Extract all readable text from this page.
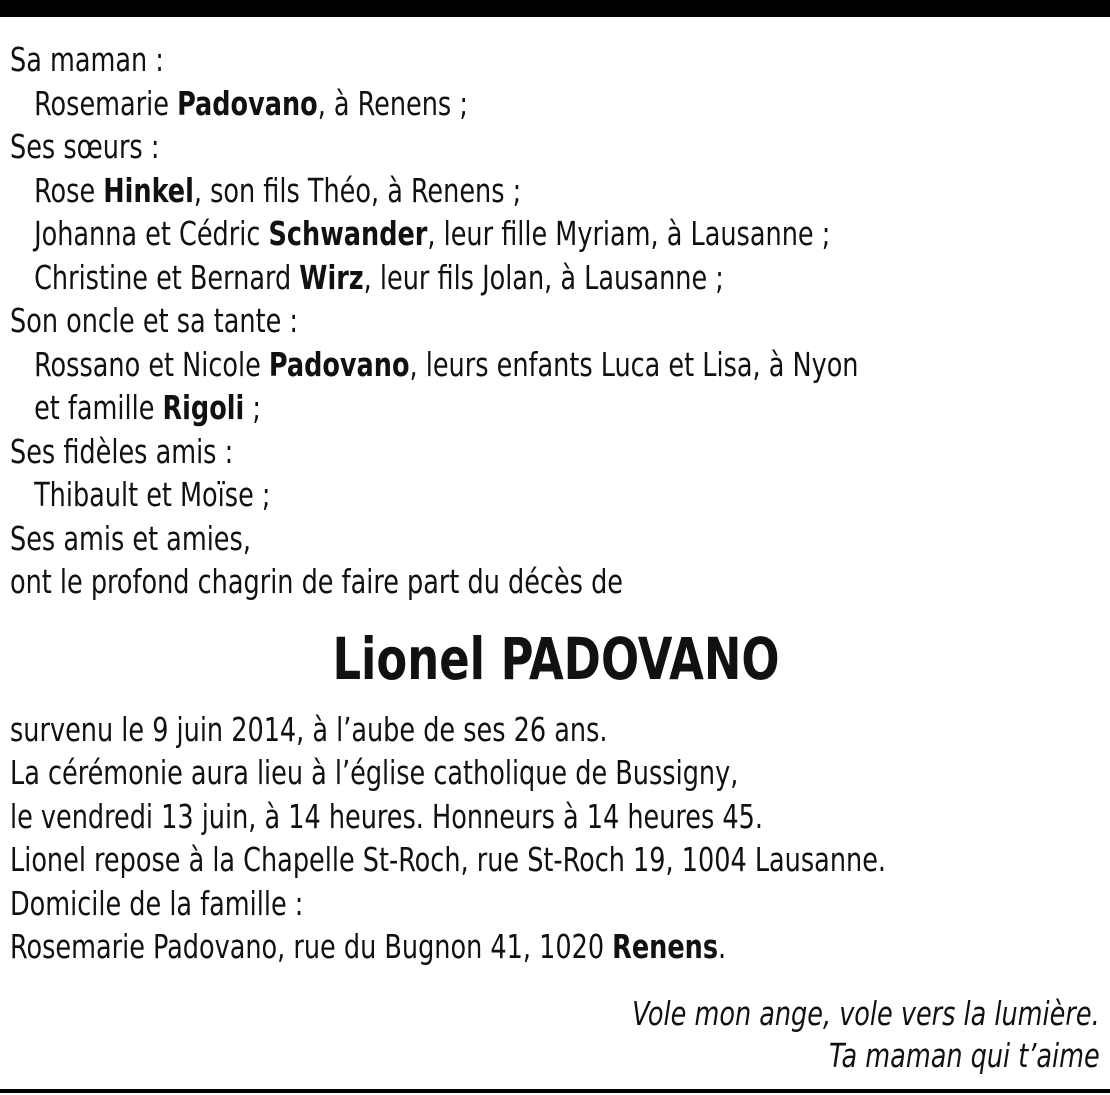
Sa maman :
Rosemarie Padovano, à Renens ;
Ses sœurs :
Rose Hinkel, son fils Théo, à Renens ;
Johanna et Cédric Schwander, leur fille Myriam, à Lausanne ;
Christine et Bernard Wirz, leur fils Jolan, à Lausanne ;
Son oncle et sa tante :
Rossano et Nicole Padovano, leurs enfants Luca et Lisa, à Nyon
et famille Rigoli ;
Ses fidèles amis :
Thibault et Moïse ;
Ses amis et amies,
ont le profond chagrin de faire part du décès de
Lionel PADOVANO
survenu le 9 juin 2014, à l’aube de ses 26 ans.
La cérémonie aura lieu à l’église catholique de Bussigny,
le vendredi 13 juin, à 14 heures. Honneurs à 14 heures 45.
Lionel repose à la Chapelle St-Roch, rue St-Roch 19, 1004 Lausanne.
Domicile de la famille :
Rosemarie Padovano, rue du Bugnon 41, 1020 Renens.
Vole mon ange, vole vers la lumière.
Ta maman qui t’aime
